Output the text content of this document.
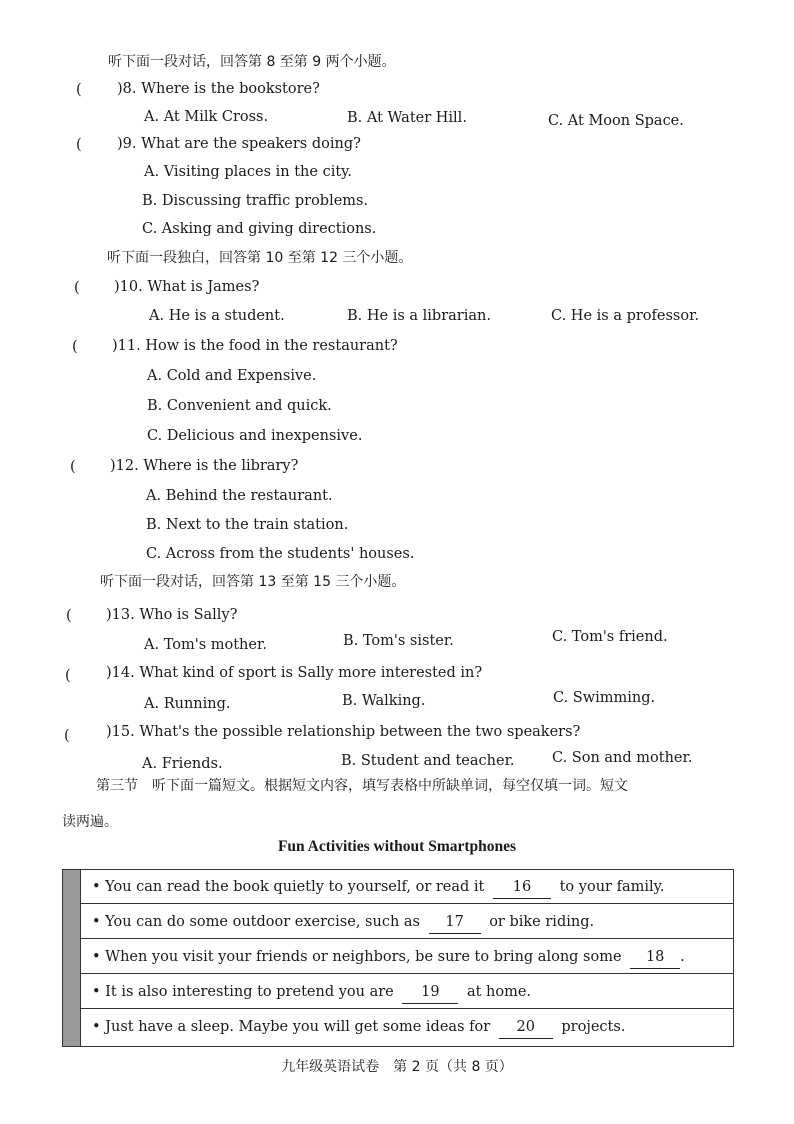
听下面一段对话，回答第 8 至第 9 两个小题。
( )8. Where is the bookstore?
A. At Milk Cross.	B. At Water Hill.	C. At Moon Space.
( )9. What are the speakers doing?
A. Visiting places in the city.
B. Discussing traffic problems.
C. Asking and giving directions.
听下面一段独白，回答第 10 至第 12 三个小题。
( )10. What is James?
A. He is a student.	B. He is a librarian.	C. He is a professor.
( )11. How is the food in the restaurant?
A. Cold and Expensive.
B. Convenient and quick.
C. Delicious and inexpensive.
( )12. Where is the library?
A. Behind the restaurant.
B. Next to the train station.
C. Across from the students' houses.
听下面一段对话，回答第 13 至第 15 三个小题。
( )13. Who is Sally?
A. Tom's mother.	B. Tom's sister.	C. Tom's friend.
( )14. What kind of sport is Sally more interested in?
A. Running.	B. Walking.	C. Swimming.
(	)15. What's the possible relationship between the two speakers?
A. Friends.	B. Student and teacher.	C. Son and mother.
第三节　听下面一篇短文。根据短文内容，填写表格中所缺单词，每空仅填一词。短文
读两遍。
Fun Activities without Smartphones
• You can read the book quietly to yourself, or read it 16 to your family.
• You can do some outdoor exercise, such as 17 or bike riding.
• When you visit your friends or neighbors, be sure to bring along some 18 .
• It is also interesting to pretend you are 19 at home.
• Just have a sleep. Maybe you will get some ideas for 20 projects.
九年级英语试卷　第 2 页（共 8 页）
